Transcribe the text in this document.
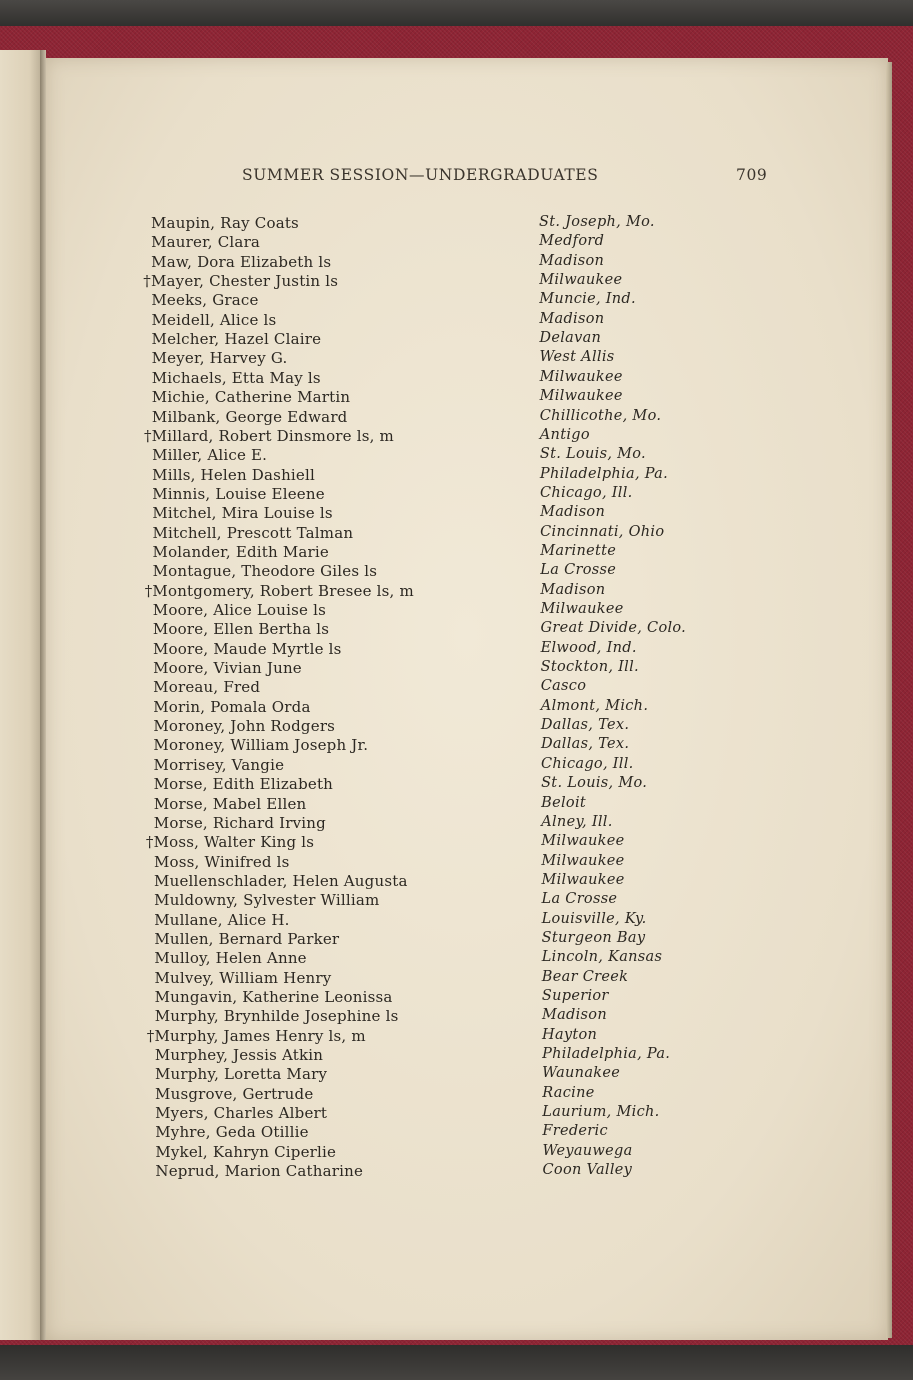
SUMMER SESSION—UNDERGRADUATES	709
Maupin, Ray Coats	St. Joseph, Mo.
Maurer, Clara	Medford
Maw, Dora Elizabeth ls	Madison
†Mayer, Chester Justin ls	Milwaukee
Meeks, Grace	Muncie, Ind.
Meidell, Alice ls	Madison
Melcher, Hazel Claire	Delavan
Meyer, Harvey G.	West Allis
Michaels, Etta May ls	Milwaukee
Michie, Catherine Martin	Milwaukee
Milbank, George Edward	Chillicothe, Mo.
†Millard, Robert Dinsmore ls, m	Antigo
Miller, Alice E.	St. Louis, Mo.
Mills, Helen Dashiell	Philadelphia, Pa.
Minnis, Louise Eleene	Chicago, Ill.
Mitchel, Mira Louise ls	Madison
Mitchell, Prescott Talman	Cincinnati, Ohio
Molander, Edith Marie	Marinette
Montague, Theodore Giles ls	La Crosse
†Montgomery, Robert Bresee ls, m	Madison
Moore, Alice Louise ls	Milwaukee
Moore, Ellen Bertha ls	Great Divide, Colo.
Moore, Maude Myrtle ls	Elwood, Ind.
Moore, Vivian June	Stockton, Ill.
Moreau, Fred	Casco
Morin, Pomala Orda	Almont, Mich.
Moroney, John Rodgers	Dallas, Tex.
Moroney, William Joseph Jr.	Dallas, Tex.
Morrisey, Vangie	Chicago, Ill.
Morse, Edith Elizabeth	St. Louis, Mo.
Morse, Mabel Ellen	Beloit
Morse, Richard Irving	Alney, Ill.
†Moss, Walter King ls	Milwaukee
Moss, Winifred ls	Milwaukee
Muellenschlader, Helen Augusta	Milwaukee
Muldowny, Sylvester William	La Crosse
Mullane, Alice H.	Louisville, Ky.
Mullen, Bernard Parker	Sturgeon Bay
Mulloy, Helen Anne	Lincoln, Kansas
Mulvey, William Henry	Bear Creek
Mungavin, Katherine Leonissa	Superior
Murphy, Brynhilde Josephine ls	Madison
†Murphy, James Henry ls, m	Hayton
Murphey, Jessis Atkin	Philadelphia, Pa.
Murphy, Loretta Mary	Waunakee
Musgrove, Gertrude	Racine
Myers, Charles Albert	Laurium, Mich.
Myhre, Geda Otillie	Frederic
Mykel, Kahryn Ciperlie	Weyauwega
Neprud, Marion Catharine	Coon Valley
